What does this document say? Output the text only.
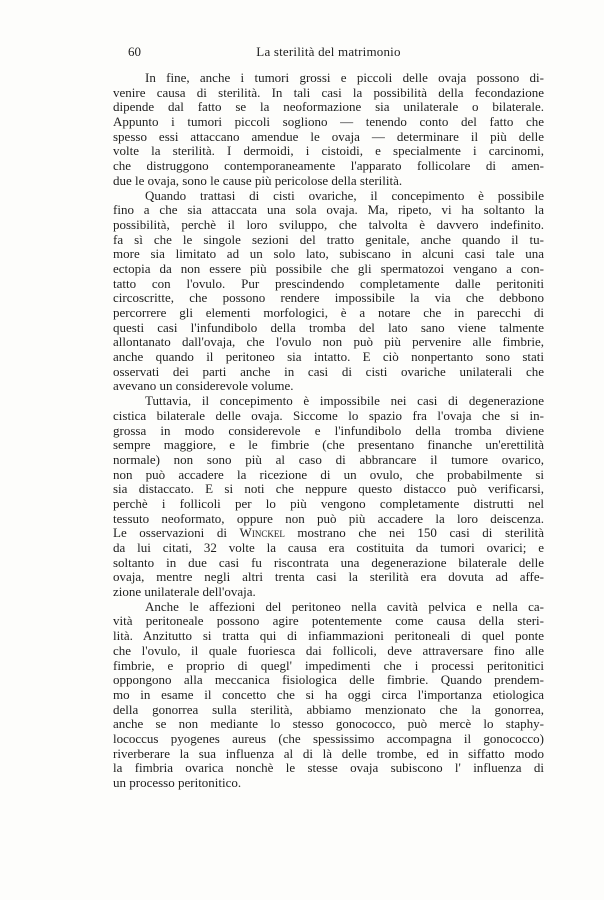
60	La sterilità del matrimonio
In fine, anche i tumori grossi e piccoli delle ovaja possono di-
venire causa di sterilità. In tali casi la possibilità della fecondazione
dipende dal fatto se la neoformazione sia unilaterale o bilaterale.
Appunto i tumori piccoli sogliono — tenendo conto del fatto che
spesso essi attaccano amendue le ovaja — determinare il più delle
volte la sterilità. I dermoidi, i cistoidi, e specialmente i carcinomi,
che distruggono contemporaneamente l'apparato follicolare di amen-
due le ovaja, sono le cause più pericolose della sterilità.
Quando trattasi di cisti ovariche, il concepimento è possibile
fino a che sia attaccata una sola ovaja. Ma, ripeto, vi ha soltanto la
possibilità, perchè il loro sviluppo, che talvolta è davvero indefinito.
fa sì che le singole sezioni del tratto genitale, anche quando il tu-
more sia limitato ad un solo lato, subiscano in alcuni casi tale una
ectopia da non essere più possibile che gli spermatozoi vengano a con-
tatto con l'ovulo. Pur prescindendo completamente dalle peritoniti
circoscritte, che possono rendere impossibile la via che debbono
percorrere gli elementi morfologici, è a notare che in parecchi di
questi casi l'infundibolo della tromba del lato sano viene talmente
allontanato dall'ovaja, che l'ovulo non può più pervenire alle fimbrie,
anche quando il peritoneo sia intatto. E ciò nonpertanto sono stati
osservati dei parti anche in casi di cisti ovariche unilaterali che
avevano un considerevole volume.
Tuttavia, il concepimento è impossibile nei casi di degenerazione
cistica bilaterale delle ovaja. Siccome lo spazio fra l'ovaja che si in-
grossa in modo considerevole e l'infundibolo della tromba diviene
sempre maggiore, e le fimbrie (che presentano finanche un'erettilità
normale) non sono più al caso di abbrancare il tumore ovarico,
non può accadere la ricezione di un ovulo, che probabilmente si
sia distaccato. E si noti che neppure questo distacco può verificarsi,
perchè i follicoli per lo più vengono completamente distrutti nel
tessuto neoformato, oppure non può più accadere la loro deiscenza.
Le osservazioni di Winckel mostrano che nei 150 casi di sterilità
da lui citati, 32 volte la causa era costituita da tumori ovarici; e
soltanto in due casi fu riscontrata una degenerazione bilaterale delle
ovaja, mentre negli altri trenta casi la sterilità era dovuta ad affe-
zione unilaterale dell'ovaja.
Anche le affezioni del peritoneo nella cavità pelvica e nella ca-
vità peritoneale possono agire potentemente come causa della steri-
lità. Anzitutto si tratta qui di infiammazioni peritoneali di quel ponte
che l'ovulo, il quale fuoriesca dai follicoli, deve attraversare fino alle
fimbrie, e proprio di quegl' impedimenti che i processi peritonitici
oppongono alla meccanica fisiologica delle fimbrie. Quando prendem-
mo in esame il concetto che si ha oggi circa l'importanza etiologica
della gonorrea sulla sterilità, abbiamo menzionato che la gonorrea,
anche se non mediante lo stesso gonococco, può mercè lo staphy-
lococcus pyogenes aureus (che spessissimo accompagna il gonococco)
riverberare la sua influenza al di là delle trombe, ed in siffatto modo
la fimbria ovarica nonchè le stesse ovaja subiscono l' influenza di
un processo peritonitico.
